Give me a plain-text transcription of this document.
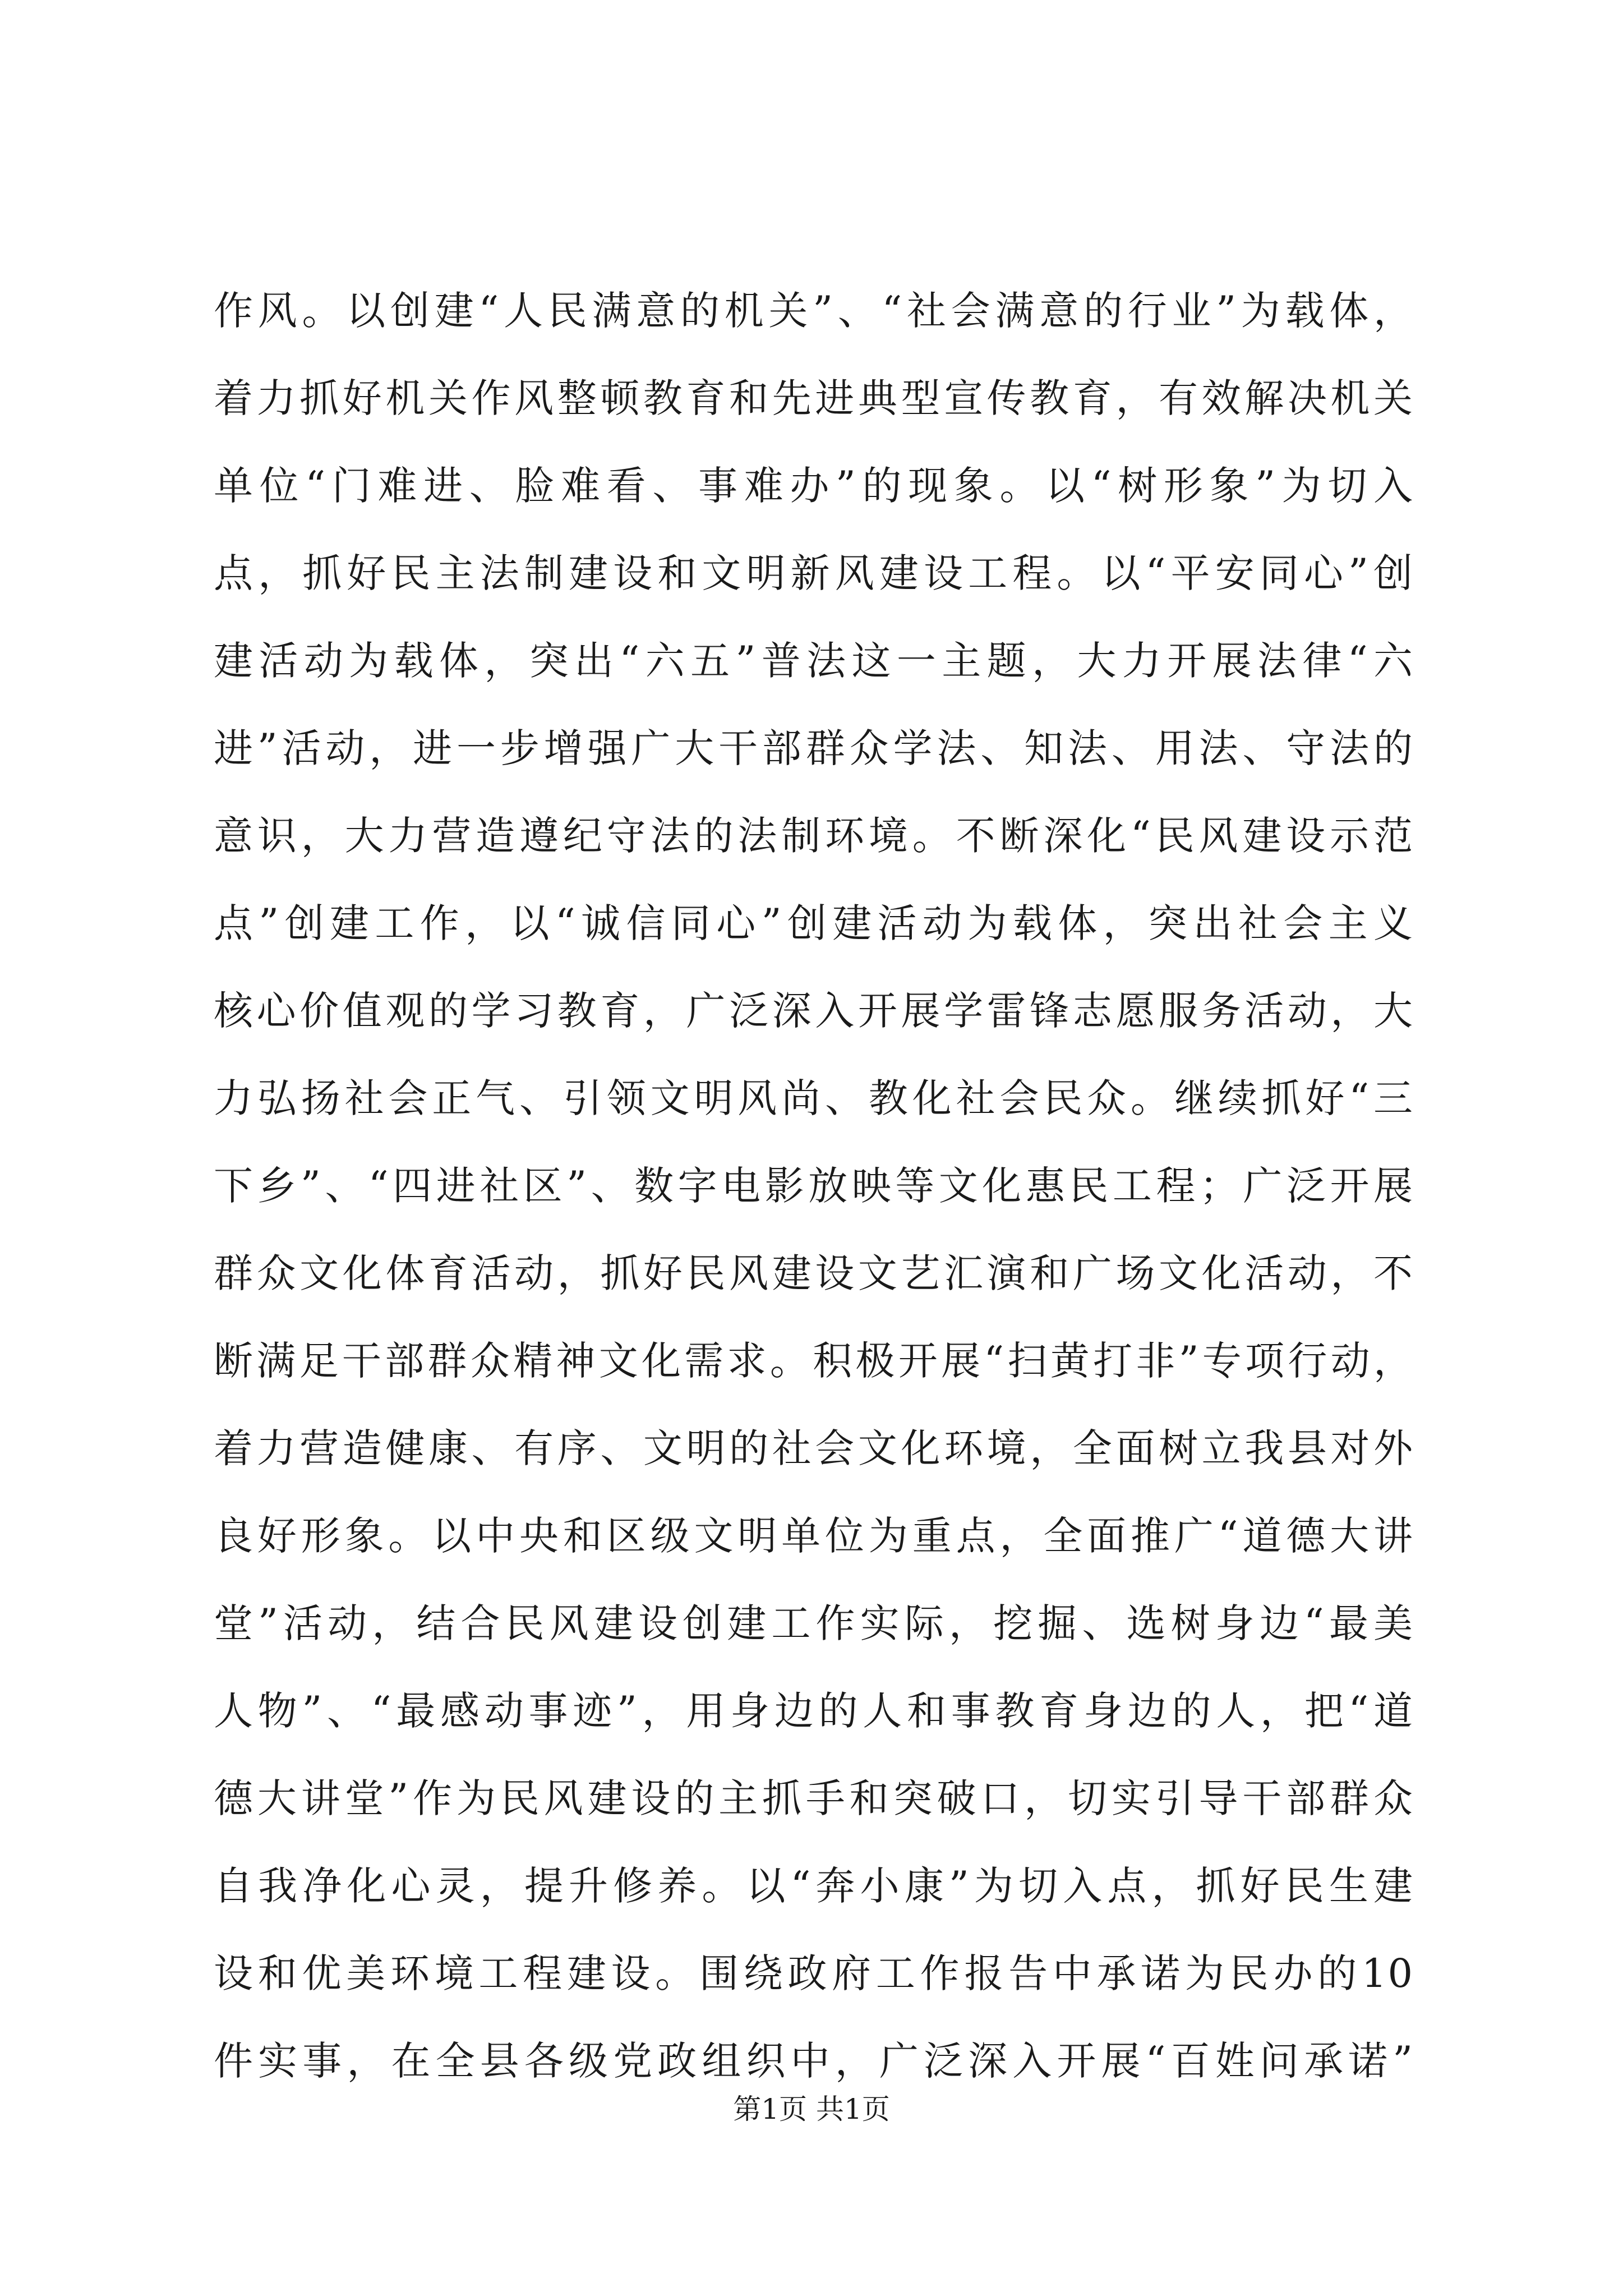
作风。以创建“人民满意的机关”、“社会满意的行业”为载体，
着力抓好机关作风整顿教育和先进典型宣传教育，有效解决机关
单位“门难进、脸难看、事难办”的现象。以“树形象”为切入
点，抓好民主法制建设和文明新风建设工程。以“平安同心”创
建活动为载体，突出“六五”普法这一主题，大力开展法律“六
进”活动，进一步增强广大干部群众学法、知法、用法、守法的
意识，大力营造遵纪守法的法制环境。不断深化“民风建设示范
点”创建工作，以“诚信同心”创建活动为载体，突出社会主义
核心价值观的学习教育，广泛深入开展学雷锋志愿服务活动，大
力弘扬社会正气、引领文明风尚、教化社会民众。继续抓好“三
下乡”、“四进社区”、数字电影放映等文化惠民工程；广泛开展
群众文化体育活动，抓好民风建设文艺汇演和广场文化活动，不
断满足干部群众精神文化需求。积极开展“扫黄打非”专项行动，
着力营造健康、有序、文明的社会文化环境，全面树立我县对外
良好形象。以中央和区级文明单位为重点，全面推广“道德大讲
堂”活动，结合民风建设创建工作实际，挖掘、选树身边“最美
人物”、“最感动事迹”，用身边的人和事教育身边的人，把“道
德大讲堂”作为民风建设的主抓手和突破口，切实引导干部群众
自我净化心灵，提升修养。以“奔小康”为切入点，抓好民生建
设和优美环境工程建设。围绕政府工作报告中承诺为民办的10
件实事，在全县各级党政组织中，广泛深入开展“百姓问承诺”
第1页 共1页
